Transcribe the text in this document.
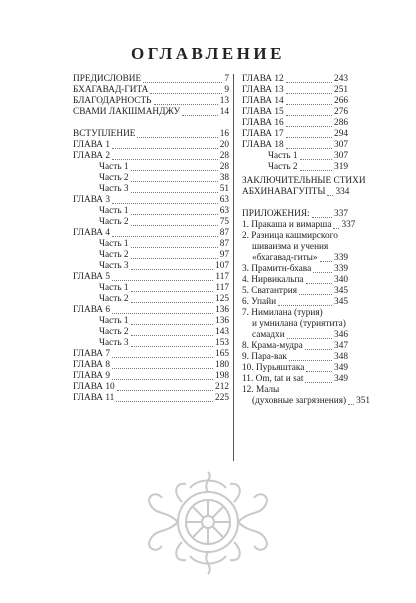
ОГЛАВЛЕНИЕ
ПРЕДИСЛОВИЕ	7
БХАГАВАД-ГИТА	9
БЛАГОДАРНОСТЬ	13
СВАМИ ЛАКШМАНДЖУ	14
ВСТУПЛЕНИЕ	16
ГЛАВА 1	20
ГЛАВА 2	28
Часть 1	28
Часть 2	38
Часть 3	51
ГЛАВА 3	63
Часть 1	63
Часть 2	75
ГЛАВА 4	87
Часть 1	87
Часть 2	97
Часть 3	107
ГЛАВА 5	117
Часть 1	117
Часть 2	125
ГЛАВА 6	136
Часть 1	136
Часть 2	143
Часть 3	153
ГЛАВА 7	165
ГЛАВА 8	180
ГЛАВА 9	198
ГЛАВА 10	212
ГЛАВА 11	225
ГЛАВА 12	243
ГЛАВА 13	251
ГЛАВА 14	266
ГЛАВА 15	276
ГЛАВА 16	286
ГЛАВА 17	294
ГЛАВА 18	307
Часть 1	307
Часть 2	319
ЗАКЛЮЧИТЕЛЬНЫЕ СТИХИ
АБХИНАВАГУПТЫ 334
ПРИЛОЖЕНИЯ:	337
1. Пракаша и вимарша 337
2. Разница кашмирского
шиваизма и учения
«бхагавад-гиты» 339
3. Прамитн-бхава 339
4. Нирвикальпа	340
5. Сватантрия	345
6. Упайи	345
7. Нимилана (турия)
и умнилана (туриятита)
самадхи	346
8. Крама-мудра	347
9. Пара-вак	348
10. Пурьяштака	349
11. Om, tat и sat	349
12. Малы
(духовные загрязнения) 351
